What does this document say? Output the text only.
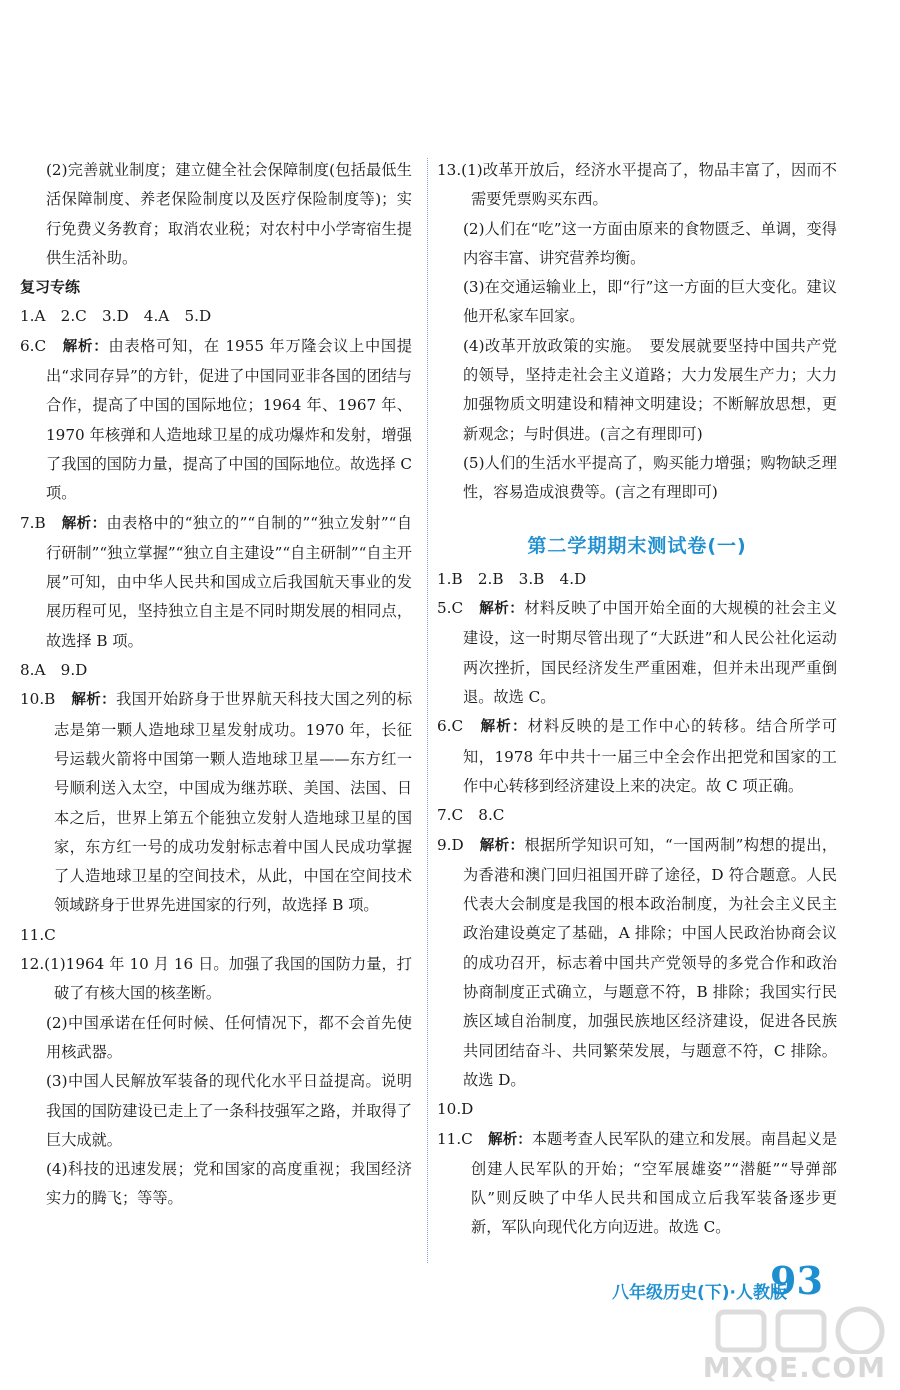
(2)完善就业制度；建立健全社会保障制度(包括最低生活保障制度、养老保险制度以及医疗保险制度等)；实行免费义务教育；取消农业税；对农村中小学寄宿生提供生活补助。

复习专练

1.A　2.C　3.D　4.A　5.D

6.C　 解析：由表格可知，在 1955 年万隆会议上中国提出“求同存异”的方针，促进了中国同亚非各国的团结与合作，提高了中国的国际地位；1964 年、1967 年、1970 年核弹和人造地球卫星的成功爆炸和发射，增强了我国的国防力量，提高了中国的国际地位。故选择 C 项。

7.B　 解析：由表格中的“独立的”“自制的”“独立发射”“自行研制”“独立掌握”“独立自主建设”“自主研制”“自主开展”可知，由中华人民共和国成立后我国航天事业的发展历程可见，坚持独立自主是不同时期发展的相同点，故选择 B 项。

8.A　9.D

10.B　 解析：我国开始跻身于世界航天科技大国之列的标志是第一颗人造地球卫星发射成功。1970 年，长征号运载火箭将中国第一颗人造地球卫星——东方红一号顺利送入太空，中国成为继苏联、美国、法国、日本之后，世界上第五个能独立发射人造地球卫星的国家，东方红一号的成功发射标志着中国人民成功掌握了人造地球卫星的空间技术，从此，中国在空间技术领域跻身于世界先进国家的行列，故选择 B 项。

11.C

12.(1)1964 年 10 月 16 日。加强了我国的国防力量，打破了有核大国的核垄断。

(2)中国承诺在任何时候、任何情况下，都不会首先使用核武器。

(3)中国人民解放军装备的现代化水平日益提高。说明我国的国防建设已走上了一条科技强军之路，并取得了巨大成就。

(4)科技的迅速发展；党和国家的高度重视；我国经济实力的腾飞；等等。

13.(1)改革开放后，经济水平提高了，物品丰富了，因而不需要凭票购买东西。

(2)人们在“吃”这一方面由原来的食物匮乏、单调，变得内容丰富、讲究营养均衡。

(3)在交通运输业上，即“行”这一方面的巨大变化。建议他开私家车回家。

(4)改革开放政策的实施。　要发展就要坚持中国共产党的领导，坚持走社会主义道路；大力发展生产力；大力加强物质文明建设和精神文明建设；不断解放思想，更新观念；与时俱进。(言之有理即可)

(5)人们的生活水平提高了，购买能力增强；购物缺乏理性，容易造成浪费等。(言之有理即可)

第二学期期末测试卷(一)

1.B　2.B　3.B　4.D

5.C　 解析：材料反映了中国开始全面的大规模的社会主义建设，这一时期尽管出现了“大跃进”和人民公社化运动两次挫折，国民经济发生严重困难，但并未出现严重倒退。故选 C。

6.C　 解析：材料反映的是工作中心的转移。结合所学可知，1978 年中共十一届三中全会作出把党和国家的工作中心转移到经济建设上来的决定。故 C 项正确。

7.C　8.C

9.D　 解析：根据所学知识可知，“一国两制”构想的提出，为香港和澳门回归祖国开辟了途径，D 符合题意。人民代表大会制度是我国的根本政治制度，为社会主义民主政治建设奠定了基础，A 排除；中国人民政治协商会议的成功召开，标志着中国共产党领导的多党合作和政治协商制度正式确立，与题意不符，B 排除；我国实行民族区域自治制度，加强民族地区经济建设，促进各民族共同团结奋斗、共同繁荣发展，与题意不符，C 排除。故选 D。

10.D

11.C　 解析：本题考查人民军队的建立和发展。南昌起义是创建人民军队的开始；“空军展雄姿”“潜艇”“导弹部队”则反映了中华人民共和国成立后我军装备逐步更新，军队向现代化方向迈进。故选 C。

八年级历史(下)·人教版
93
MXQE.COM
